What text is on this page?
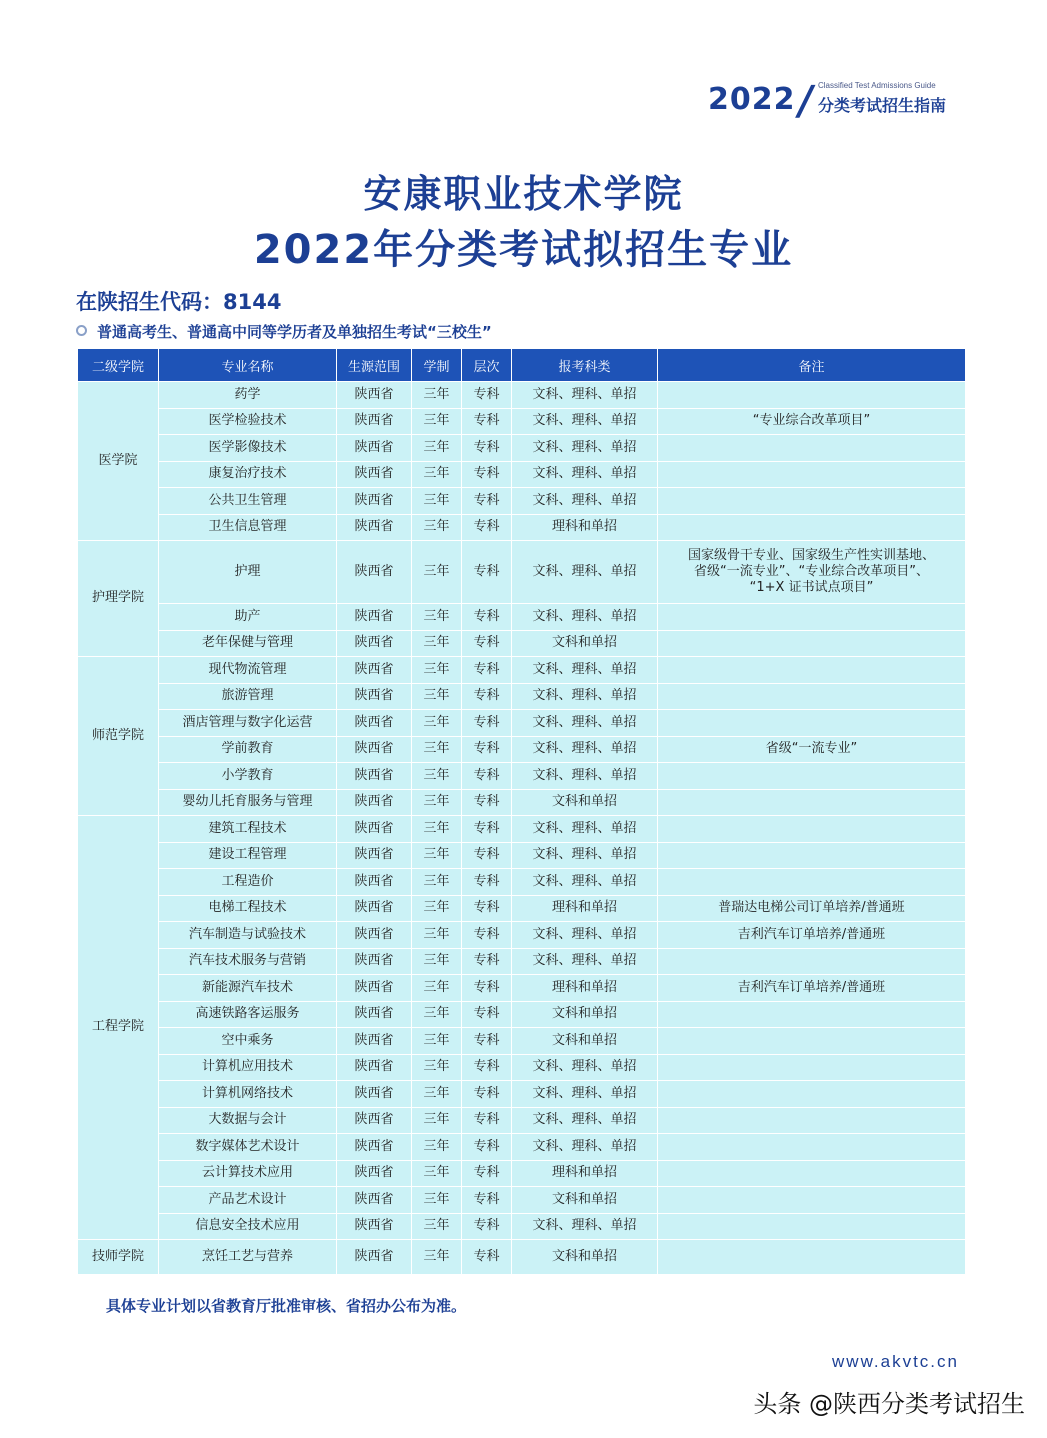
2022
/ Classified Test Admissions Guide
分类考试招生指南
安康职业技术学院
2022年分类考试拟招生专业
在陕招生代码：8144
普通高考生、普通高中同等学历者及单独招生考试“三校生”
二级学院	专业名称	生源范围	学制	层次	报考科类	备注
医学院	药学	陕西省	三年	专科	文科、理科、单招	
	医学检验技术	陕西省	三年	专科	文科、理科、单招	“专业综合改革项目”
	医学影像技术	陕西省	三年	专科	文科、理科、单招	
	康复治疗技术	陕西省	三年	专科	文科、理科、单招	
	公共卫生管理	陕西省	三年	专科	文科、理科、单招	
	卫生信息管理	陕西省	三年	专科	理科和单招	
护理学院	护理	陕西省	三年	专科	文科、理科、单招	国家级骨干专业、国家级生产性实训基地、
省级“一流专业”、“专业综合改革项目”、
“1+X 证书试点项目”

	助产	陕西省	三年	专科	文科、理科、单招	
	老年保健与管理	陕西省	三年	专科	文科和单招	
师范学院	现代物流管理	陕西省	三年	专科	文科、理科、单招	
	旅游管理	陕西省	三年	专科	文科、理科、单招	
	酒店管理与数字化运营	陕西省	三年	专科	文科、理科、单招	
	学前教育	陕西省	三年	专科	文科、理科、单招	省级“一流专业”
	小学教育	陕西省	三年	专科	文科、理科、单招	
	婴幼儿托育服务与管理	陕西省	三年	专科	文科和单招	
工程学院	建筑工程技术	陕西省	三年	专科	文科、理科、单招	
	建设工程管理	陕西省	三年	专科	文科、理科、单招	
	工程造价	陕西省	三年	专科	文科、理科、单招	
	电梯工程技术	陕西省	三年	专科	理科和单招	普瑞达电梯公司订单培养/普通班
	汽车制造与试验技术	陕西省	三年	专科	文科、理科、单招	吉利汽车订单培养/普通班
	汽车技术服务与营销	陕西省	三年	专科	文科、理科、单招	
	新能源汽车技术	陕西省	三年	专科	理科和单招	吉利汽车订单培养/普通班
	高速铁路客运服务	陕西省	三年	专科	文科和单招	
	空中乘务	陕西省	三年	专科	文科和单招	
	计算机应用技术	陕西省	三年	专科	文科、理科、单招	
	计算机网络技术	陕西省	三年	专科	文科、理科、单招	
	大数据与会计	陕西省	三年	专科	文科、理科、单招	
	数字媒体艺术设计	陕西省	三年	专科	文科、理科、单招	
	云计算技术应用	陕西省	三年	专科	理科和单招	
	产品艺术设计	陕西省	三年	专科	文科和单招	
	信息安全技术应用	陕西省	三年	专科	文科、理科、单招	
技师学院	烹饪工艺与营养	陕西省	三年	专科	文科和单招	
具体专业计划以省教育厅批准审核、省招办公布为准。
www.akvtc.cn
头条 @陕西分类考试招生
